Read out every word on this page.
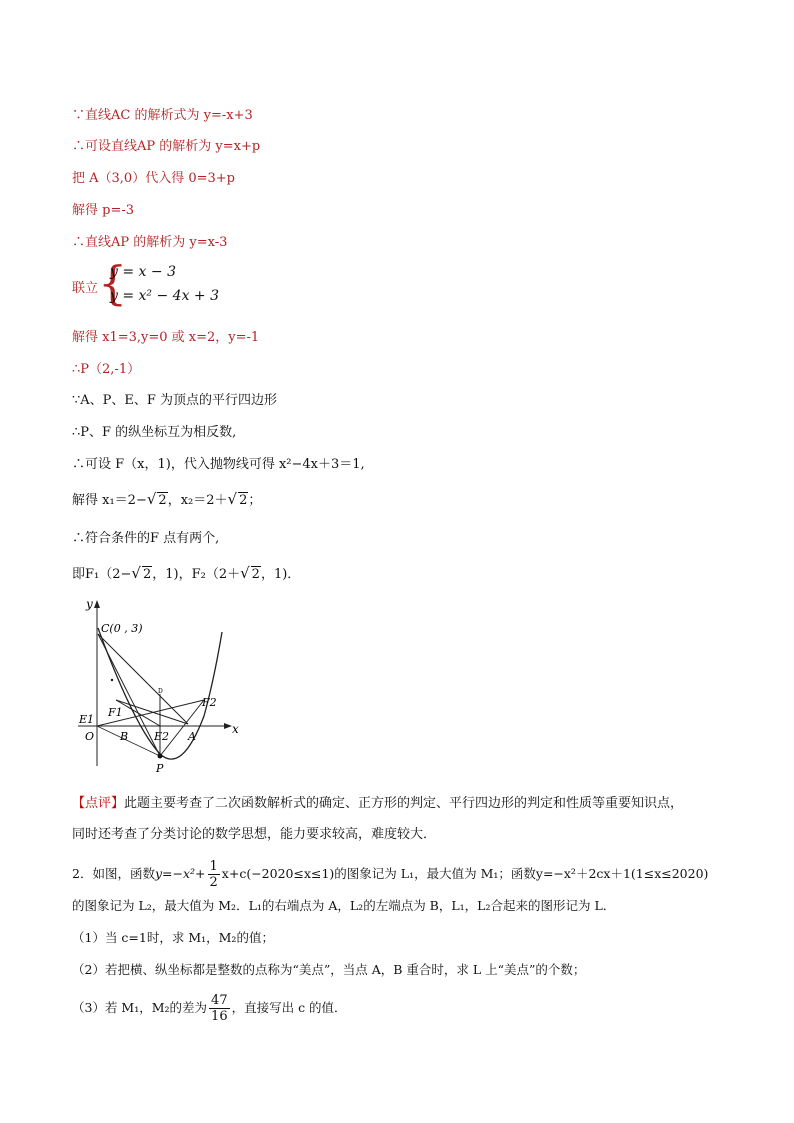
∵直线AC 的解析式为 y=-x+3
∴可设直线AP 的解析为 y=x+p
把 A（3,0）代入得 0=3+p
解得 p=-3
∴直线AP 的解析为 y=x-3
联立 {
y = x − 3
y = x² − 4x + 3
解得 x1=3,y=0 或 x=2，y=-1
∴P（2,-1）
∵A、P、E、F 为顶点的平行四边形
∴P、F 的纵坐标互为相反数,
∴可设 F（x，1)，代入抛物线可得 x²−4x＋3＝1,
解得 x₁＝2−√ 2，x₂＝2＋√ 2；
∴符合条件的F 点有两个,
即F₁（2−√ 2，1)，F₂（2＋√ 2，1)．
y
x
C(0 , 3)
D
F1
F2
E1
E2
O B	A
P
【点评】此题主要考查了二次函数解析式的确定、正方形的判定、平行四边形的判定和性质等重要知识点，
同时还考查了分类讨论的数学思想，能力要求较高，难度较大．
2．如图，函数$y=-x^2+ \frac{1}{2} x+c(-2020\le x\le 1)$的图象记为 L₁，最大值为 M₁；函数y=−x²＋2cx＋1(1≤x≤2020)
的图象记为 L₂，最大值为 M₂．L₁的右端点为 A，L₂的左端点为 B，L₁，L₂合起来的图形记为 L．
（1）当 c=1时，求 M₁，M₂的值；
（2）若把横、纵坐标都是整数的点称为“美点”，当点 A，B 重合时，求 L 上“美点”的个数；
（3）若 M₁，M₂的差为 $\frac{47}{16}$ ，直接写出 c 的值．
